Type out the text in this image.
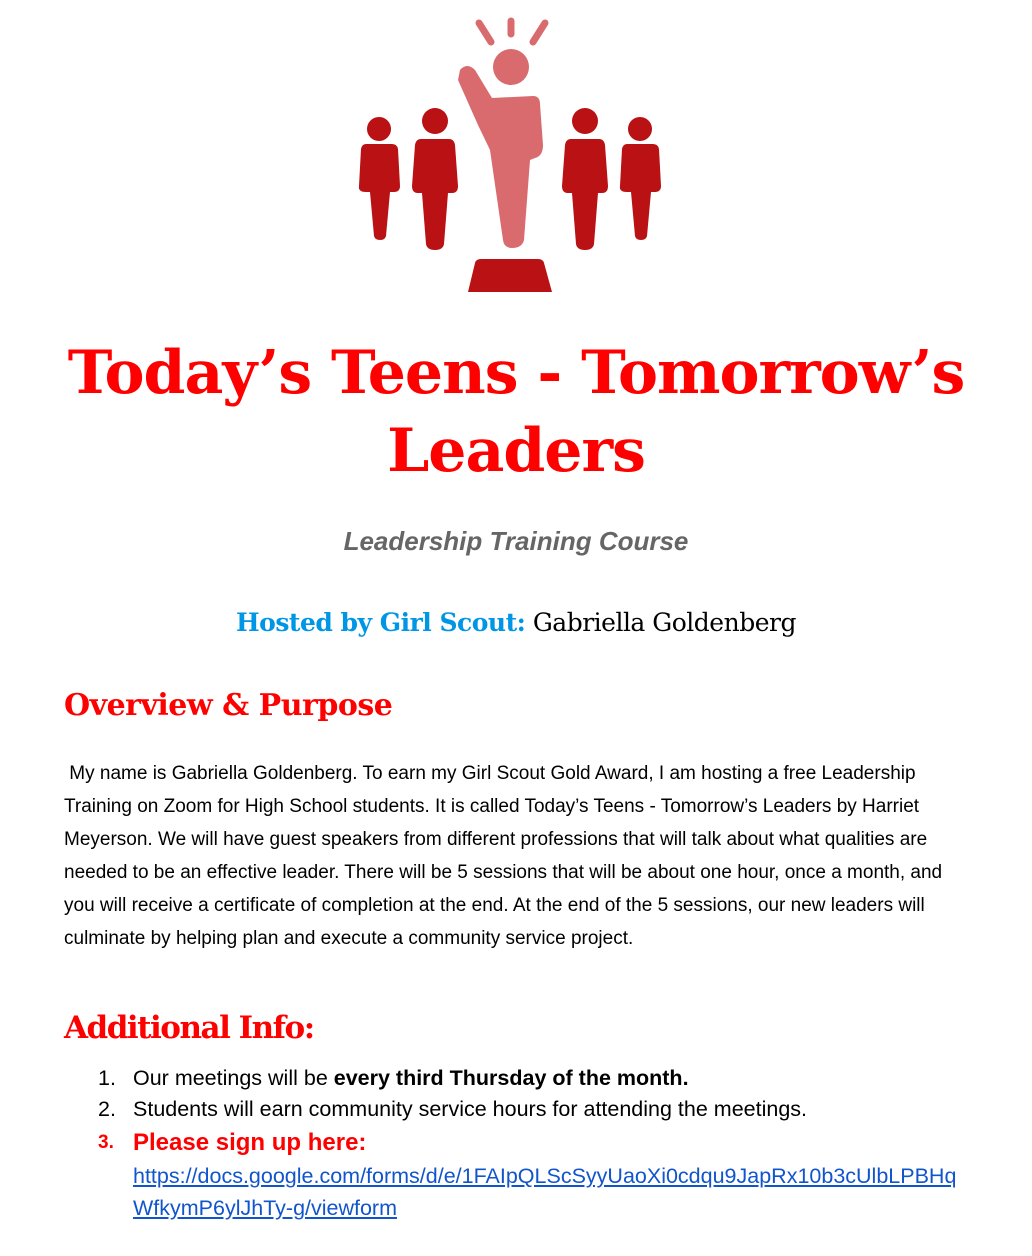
Today’s Teens - Tomorrow’s Leaders
Leadership Training Course
Hosted by Girl Scout: Gabriella Goldenberg
Overview & Purpose

My name is Gabriella Goldenberg. To earn my Girl Scout Gold Award, I am hosting a free Leadership Training on Zoom for High School students. It is called Today’s Teens - Tomorrow’s Leaders by Harriet Meyerson. We will have guest speakers from different professions that will talk about what qualities are needed to be an effective leader. There will be 5 sessions that will be about one hour, once a month, and you will receive a certificate of completion at the end. At the end of the 5 sessions, our new leaders will culminate by helping plan and execute a community service project.

Additional Info:
1. Our meetings will be every third Thursday of the month.
2. Students will earn community service hours for attending the meetings.
3. Please sign up here:
https://docs.google.com/forms/d/e/1FAIpQLScSyyUaoXi0cdqu9JapRx10b3cUlbLPBHqWfkymP6ylJhTy-g/viewform
